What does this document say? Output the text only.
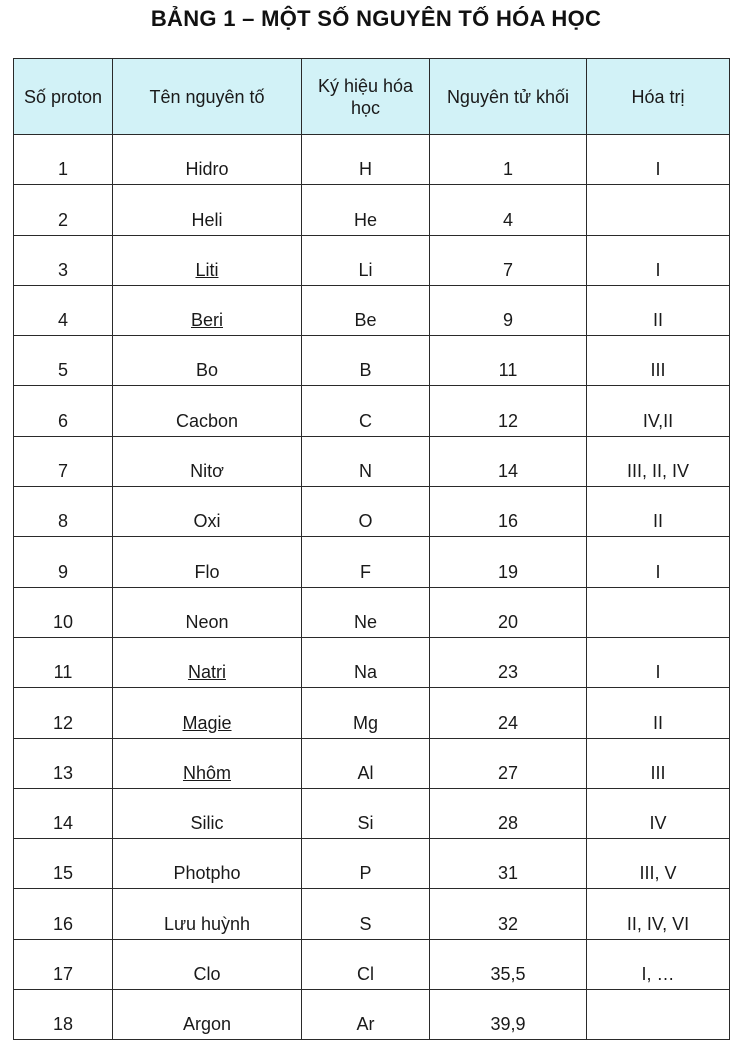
BẢNG 1 – MỘT SỐ NGUYÊN TỐ HÓA HỌC
Số proton	Tên nguyên tố	Ký hiệu hóa học	Nguyên tử khối	Hóa trị
1	Hidro	H	1	I
2	Heli	He	4	
3	Liti	Li	7	I
4	Beri	Be	9	II
5	Bo	B	11	III
6	Cacbon	C	12	IV,II
7	Nitơ	N	14	III, II, IV
8	Oxi	O	16	II
9	Flo	F	19	I
10	Neon	Ne	20	
11	Natri	Na	23	I
12	Magie	Mg	24	II
13	Nhôm	Al	27	III
14	Silic	Si	28	IV
15	Photpho	P	31	III, V
16	Lưu huỳnh	S	32	II, IV, VI
17	Clo	Cl	35,5	I, …
18	Argon	Ar	39,9	
